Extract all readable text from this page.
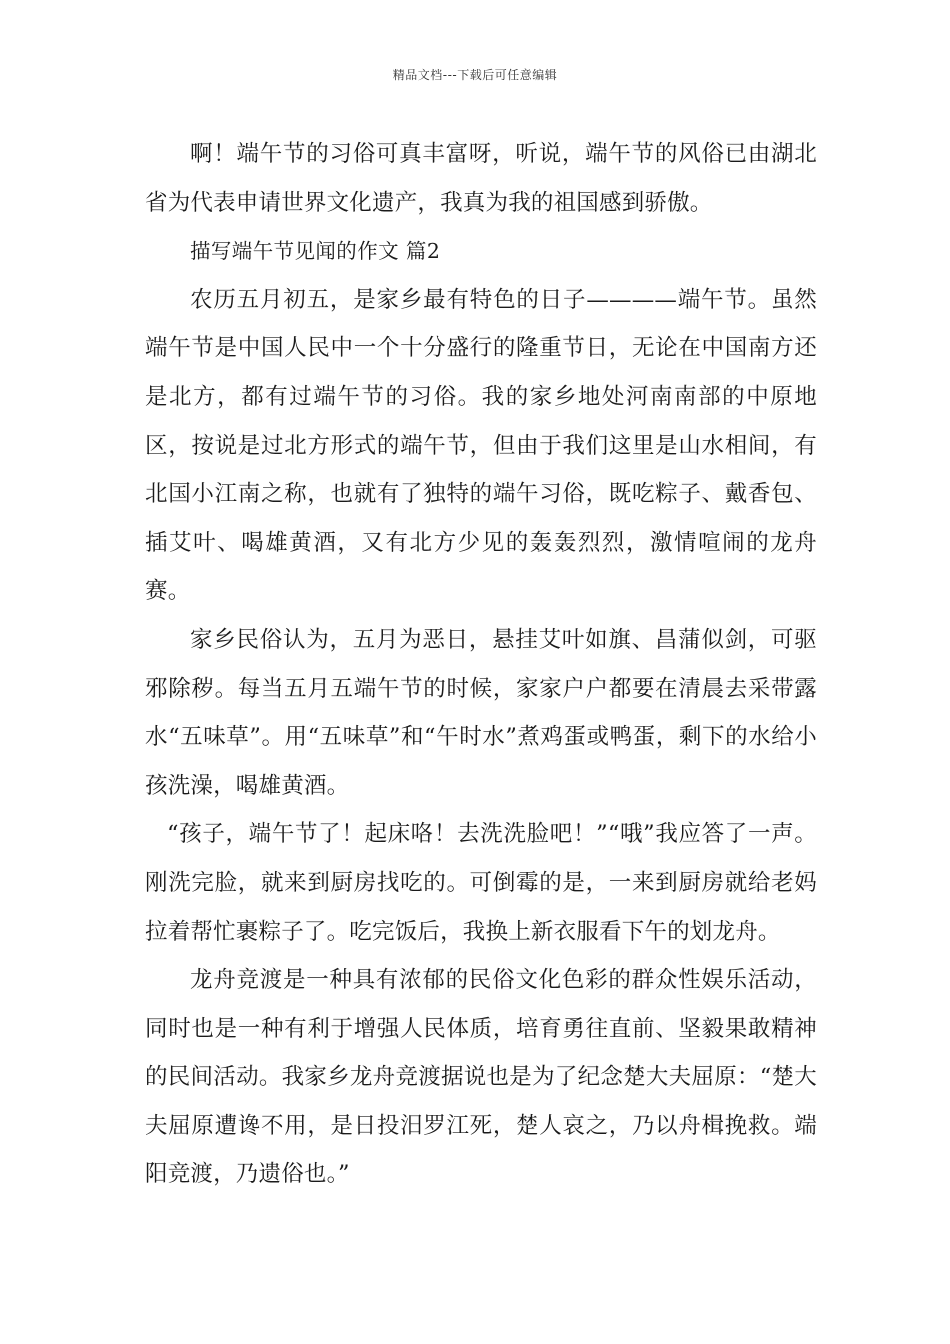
精品文档---下载后可任意编辑

啊！端午节的习俗可真丰富呀，听说，端午节的风俗已由湖北省为代表申请世界文化遗产，我真为我的祖国感到骄傲。

描写端午节见闻的作文 篇2

农历五月初五，是家乡最有特色的日子————端午节。虽然端午节是中国人民中一个十分盛行的隆重节日，无论在中国南方还是北方，都有过端午节的习俗。我的家乡地处河南南部的中原地区，按说是过北方形式的端午节，但由于我们这里是山水相间，有北国小江南之称，也就有了独特的端午习俗，既吃粽子、戴香包、插艾叶、喝雄黄酒，又有北方少见的轰轰烈烈，激情喧闹的龙舟赛。

家乡民俗认为，五月为恶日，悬挂艾叶如旗、昌蒲似剑，可驱邪除秽。每当五月五端午节的时候，家家户户都要在清晨去采带露水“五味草”。用“五味草”和“午时水”煮鸡蛋或鸭蛋，剩下的水给小孩洗澡，喝雄黄酒。

“孩子，端午节了！起床咯！去洗洗脸吧！”“哦”我应答了一声。刚洗完脸，就来到厨房找吃的。可倒霉的是，一来到厨房就给老妈拉着帮忙裹粽子了。吃完饭后，我换上新衣服看下午的划龙舟。

龙舟竞渡是一种具有浓郁的民俗文化色彩的群众性娱乐活动，同时也是一种有利于增强人民体质，培育勇往直前、坚毅果敢精神的民间活动。我家乡龙舟竞渡据说也是为了纪念楚大夫屈原：“楚大夫屈原遭谗不用，是日投汨罗江死，楚人哀之，乃以舟楫挽救。端阳竞渡，乃遗俗也。”
